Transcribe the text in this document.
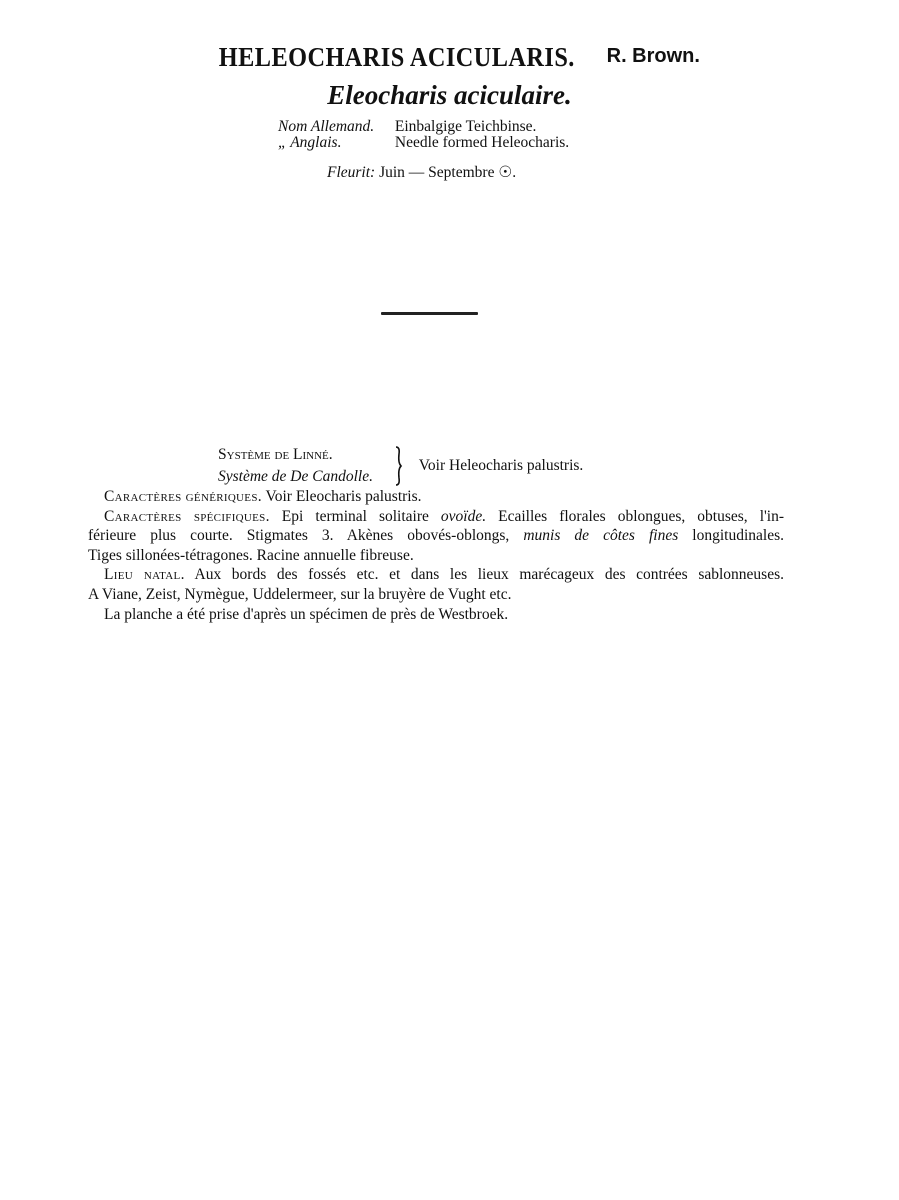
HELEOCHARIS ACICULARIS. R. Brown.
Eleocharis aciculaire.
Nom Allemand. Einbalgige Teichbinse.
„ Anglais.	Needle formed Heleocharis.
Fleurit: Juin — Septembre ☉.
Système de Linné.
Système de De Candolle.
Voir Heleocharis palustris.

Caractères génériques. Voir Eleocharis palustris.

Caractères spécifiques. Epi terminal solitaire ovoïde. Ecailles florales oblongues, obtuses, l'in-
férieure plus courte. Stigmates 3. Akènes obovés-oblongs, munis de côtes fines longitudinales.
Tiges sillonées-tétragones. Racine annuelle fibreuse.

Lieu natal. Aux bords des fossés etc. et dans les lieux marécageux des contrées sablonneuses.
A Viane, Zeist, Nymègue, Uddelermeer, sur la bruyère de Vught etc.

La planche a été prise d'après un spécimen de près de Westbroek.
